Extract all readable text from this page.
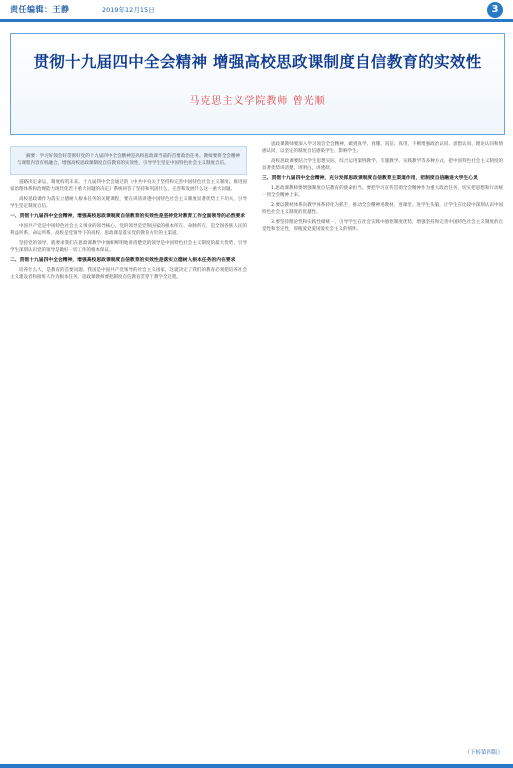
责任编辑：王静	2019年12月15日	3
贯彻十九届四中全会精神 增强高校思政课制度自信教育的实效性
马克思主义学院教师 曾光顺

摘要：学习好领会好贯彻好党的十九届四中全会精神是高校思政课当前的首要政治任务。教师要将全会精神与课程内容有机融合，增强高校思政课制度自信教育的实效性，引导学生坚定中国特色社会主义制度自信。

道路决定命运，制度构筑未来。十九届四中全会通过的《中共中央关于坚持和完善中国特色社会主义制度、推进国家治理体系和治理能力现代化若干重大问题的决定》系统回答了坚持和巩固什么、完善和发展什么这一重大问题。

高校思政课作为落实立德树人根本任务的关键课程，要在讲清讲透中国特色社会主义制度显著优势上下功夫，引导学生坚定制度自信。

一、贯彻十九届四中全会精神，增强高校思政课制度自信教育的实效性是坚持党对教育工作全面领导的必然要求

中国共产党是中国特色社会主义事业的领导核心。党的领导是党和国家的根本所在、命脉所在，是全国各族人民的利益所系、命运所系。高校是党领导下的高校，思政课是落实党的教育方针的主渠道。

坚持党的领导，就要求我们在思政课教学中旗帜鲜明地讲清楚党的领导是中国特色社会主义制度的最大优势，引导学生深刻认识党的领导是做好一切工作的根本保证。

二、贯彻十九届四中全会精神，增强高校思政课制度自信教育的实效性是落实立德树人根本任务的内在要求

培养什么人，是教育的首要问题。我国是中国共产党领导的社会主义国家，这就决定了我们的教育必须把培养社会主义建设者和接班人作为根本任务。思政课教师要把制度自信教育贯穿于教学全过程。

思政课教师要深入学习领会全会精神，做到真学、真懂、真信、真用，不断增强政治认同、思想认同、理论认同和情感认同，以坚定的制度自信感染学生、影响学生。

高校思政课要结合学生思想实际，综合运用案例教学、专题教学、实践教学等多种方式，把中国特色社会主义制度的显著优势讲清楚、讲明白、讲透彻。

三、贯彻十九届四中全会精神，充分发挥思政课制度自信教育主渠道作用，把制度自信融进大学生心灵

1.思政课教师要增强制度自信教育的使命担当。要把学习宣传贯彻全会精神作为重大政治任务，切实把思想和行动统一到全会精神上来。

2.要以教材体系向教学体系转化为抓手，推动全会精神进教材、进课堂、进学生头脑，让学生在比较中深刻认识中国特色社会主义制度的优越性。

3.要坚持理论性和实践性相统一，引导学生在社会实践中感悟制度优势，增强坚持和完善中国特色社会主义制度的自觉性和坚定性，厚植爱党爱国爱社会主义的情怀。

（下转第四版）
